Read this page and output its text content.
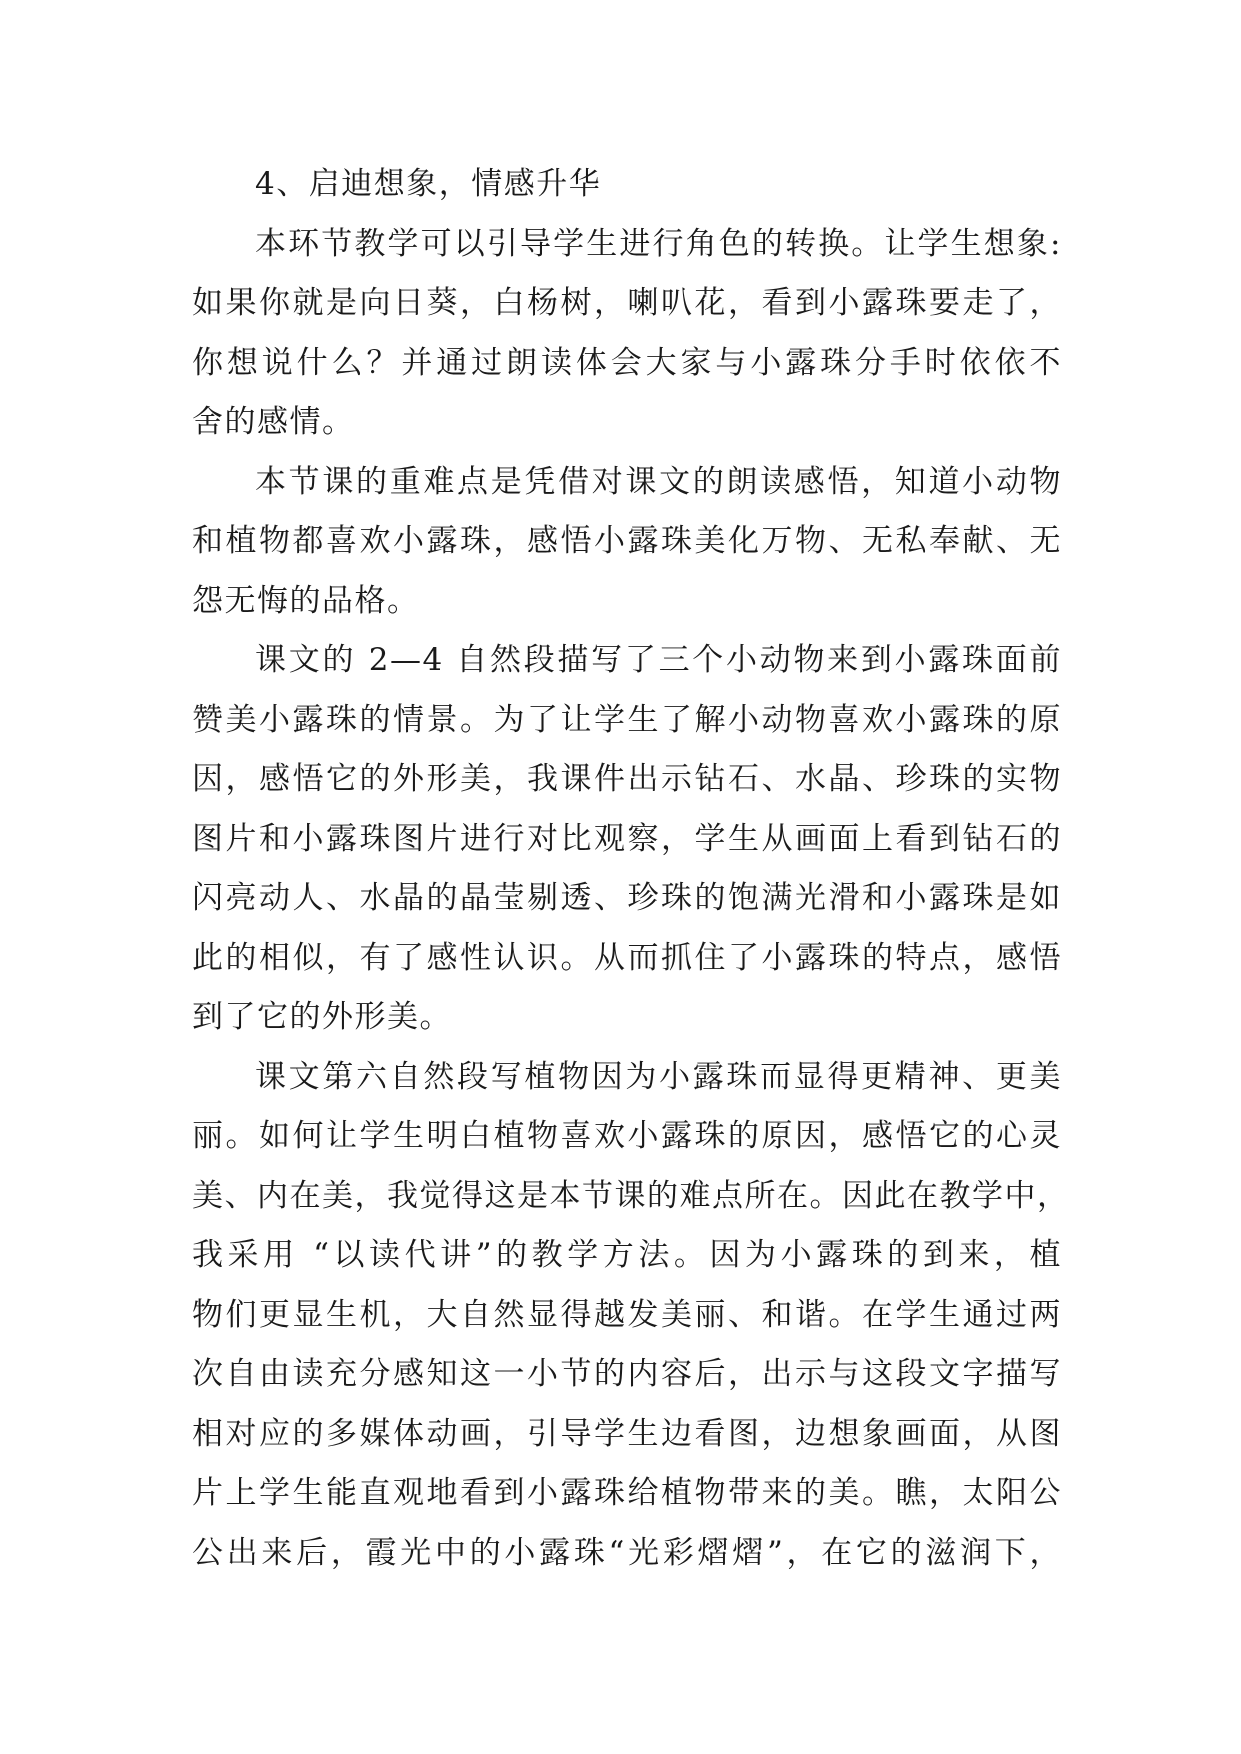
4、启迪想象，情感升华
本环节教学可以引导学生进行角色的转换。让学生想象:
如果你就是向日葵，白杨树，喇叭花，看到小露珠要走了，
你想说什么？并通过朗读体会大家与小露珠分手时依依不
舍的感情。
本节课的重难点是凭借对课文的朗读感悟，知道小动物
和植物都喜欢小露珠，感悟小露珠美化万物、无私奉献、无
怨无悔的品格。
课文的 2—4 自然段描写了三个小动物来到小露珠面前
赞美小露珠的情景。为了让学生了解小动物喜欢小露珠的原
因，感悟它的外形美，我课件出示钻石、水晶、珍珠的实物
图片和小露珠图片进行对比观察，学生从画面上看到钻石的
闪亮动人、水晶的晶莹剔透、珍珠的饱满光滑和小露珠是如
此的相似，有了感性认识。从而抓住了小露珠的特点，感悟
到了它的外形美。
课文第六自然段写植物因为小露珠而显得更精神、更美
丽。如何让学生明白植物喜欢小露珠的原因，感悟它的心灵
美、内在美，我觉得这是本节课的难点所在。因此在教学中，
我采用 “以读代讲”的教学方法。因为小露珠的到来，植
物们更显生机，大自然显得越发美丽、和谐。在学生通过两
次自由读充分感知这一小节的内容后，出示与这段文字描写
相对应的多媒体动画，引导学生边看图，边想象画面，从图
片上学生能直观地看到小露珠给植物带来的美。瞧，太阳公
公出来后，霞光中的小露珠“光彩熠熠”，在它的滋润下，
